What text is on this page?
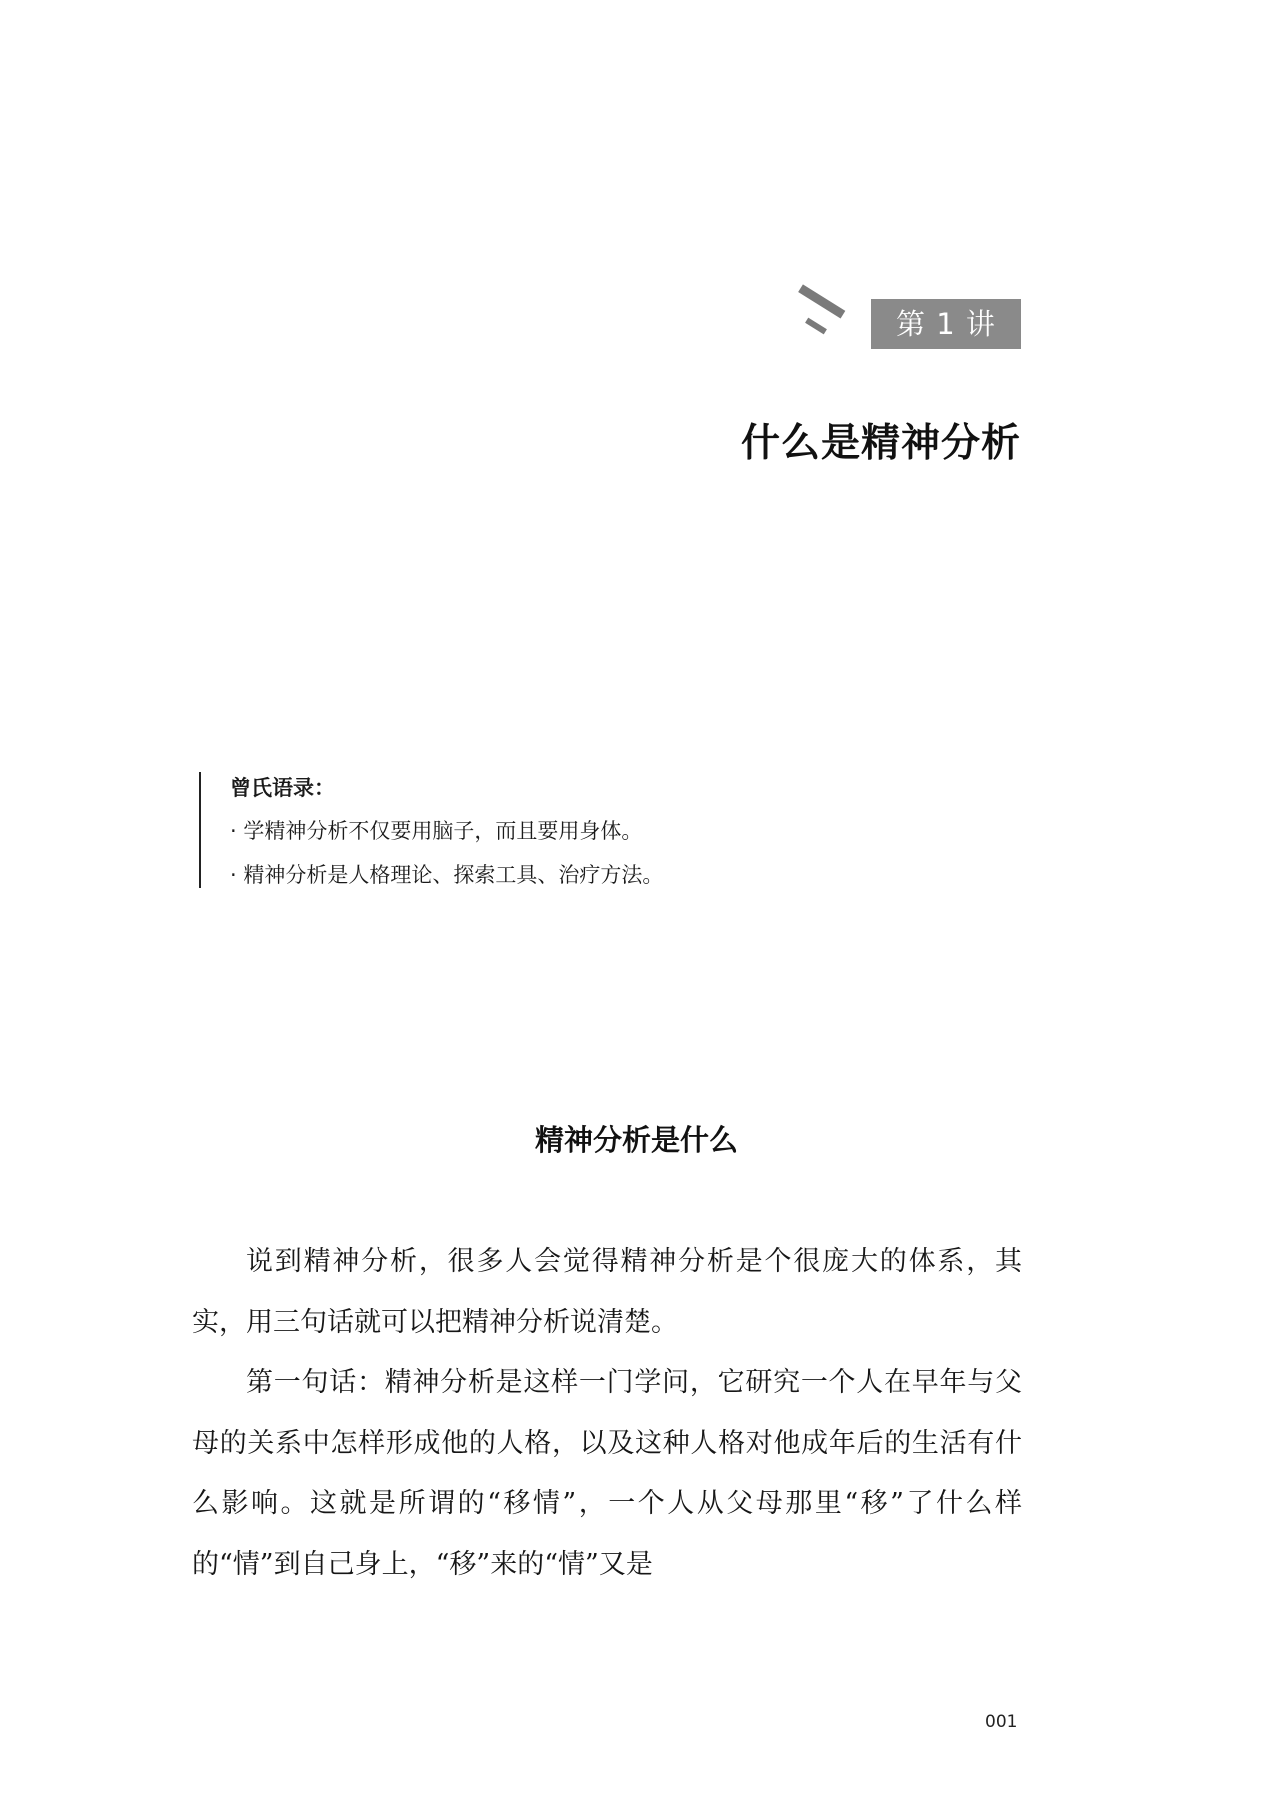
第 1 讲
什么是精神分析
曾氏语录：
· 学精神分析不仅要用脑子，而且要用身体。
· 精神分析是人格理论、探索工具、治疗方法。
精神分析是什么

说到精神分析，很多人会觉得精神分析是个很庞大的体系，其实，用三句话就可以把精神分析说清楚。

第一句话：精神分析是这样一门学问，它研究一个人在早年与父母的关系中怎样形成他的人格，以及这种人格对他成年后的生活有什么影响。这就是所谓的“移情”，一个人从父母那里“移”了什么样的“情”到自己身上，“移”来的“情”又是

001
